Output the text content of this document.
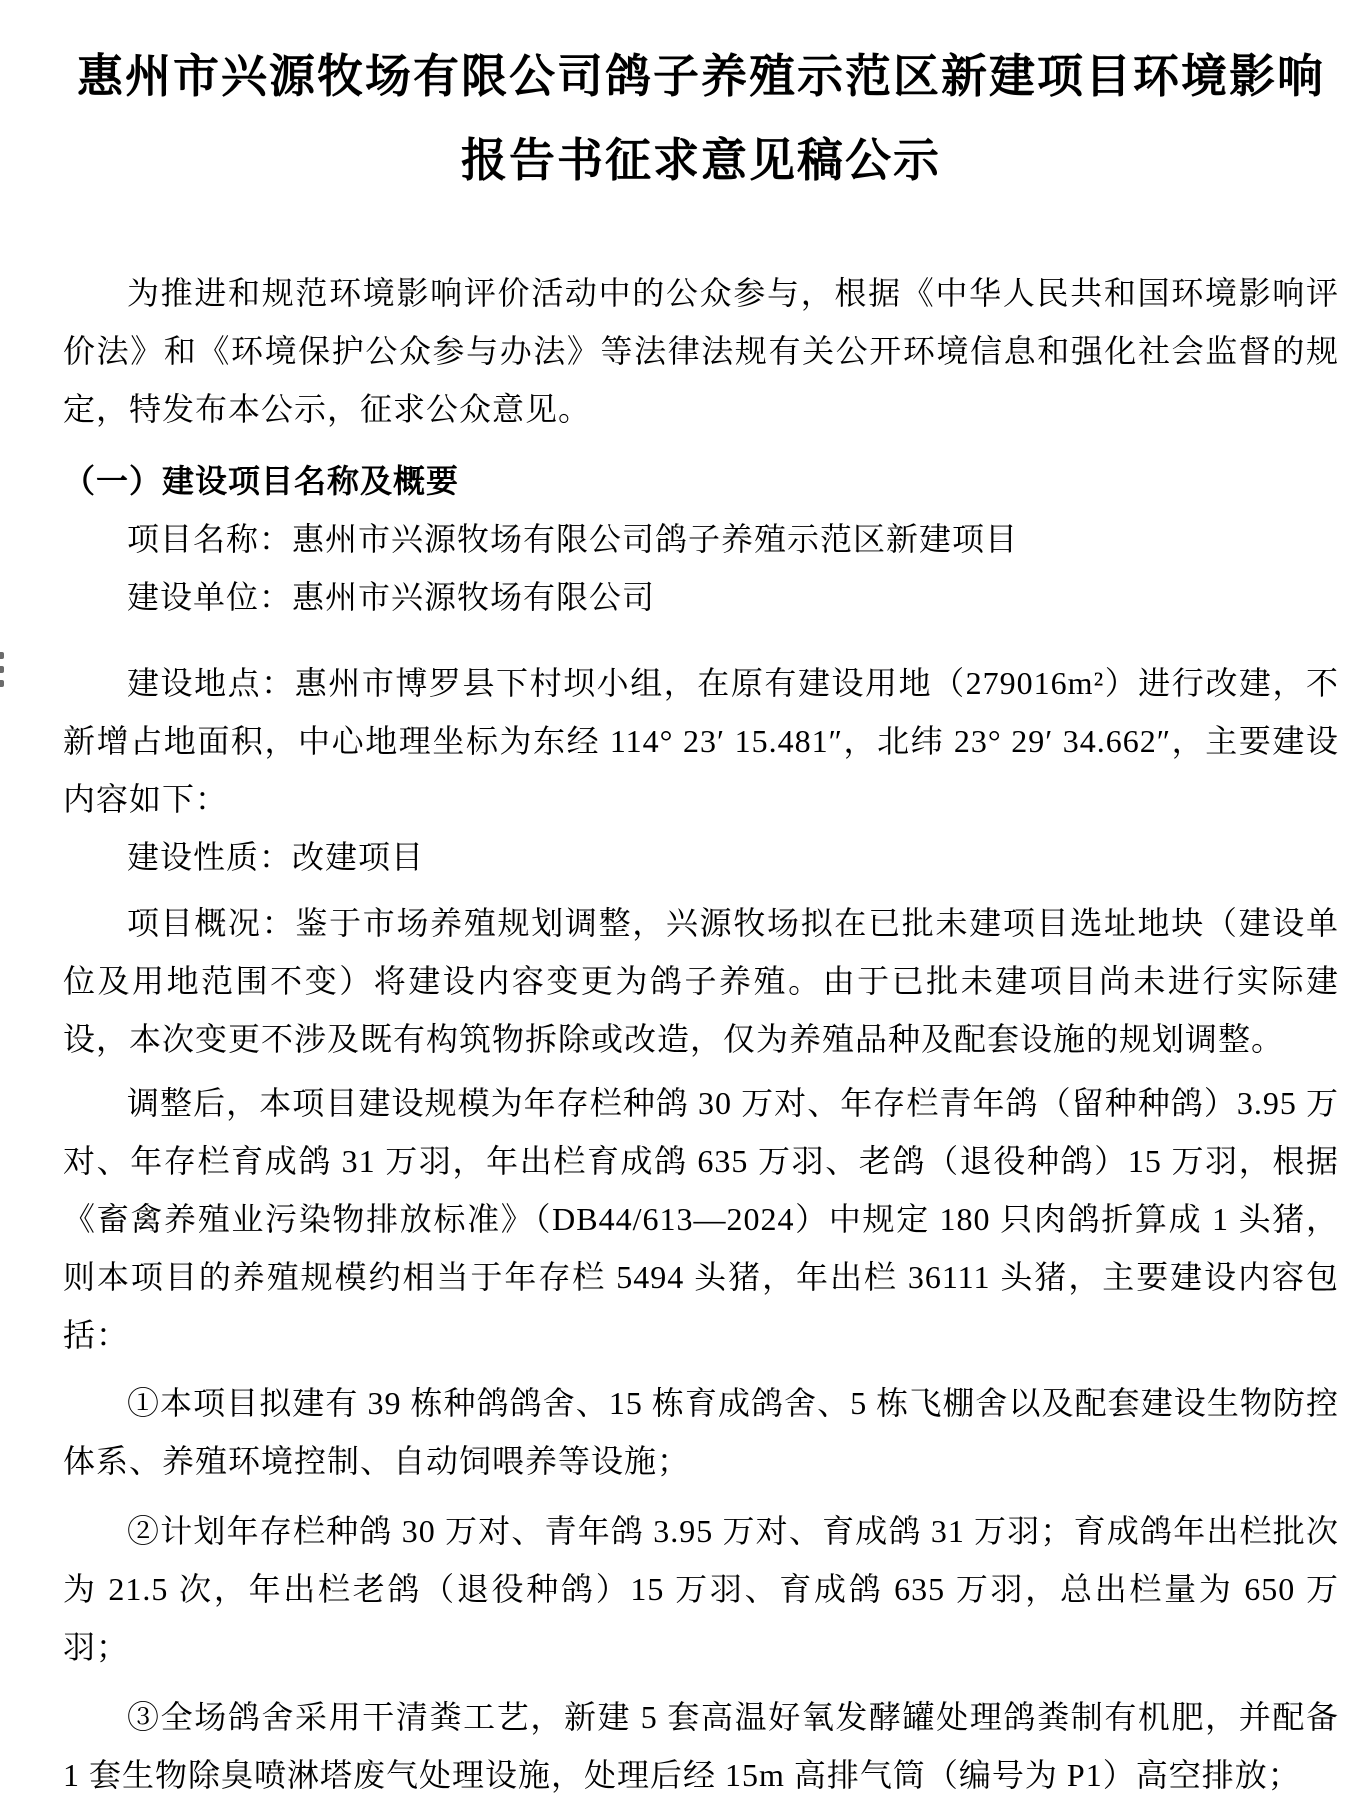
惠州市兴源牧场有限公司鸽子养殖示范区新建项目环境影响
报告书征求意见稿公示

为推进和规范环境影响评价活动中的公众参与，根据《中华人民共和国环境影响评价法》和《环境保护公众参与办法》等法律法规有关公开环境信息和强化社会监督的规定，特发布本公示，征求公众意见。

（一）建设项目名称及概要

项目名称：惠州市兴源牧场有限公司鸽子养殖示范区新建项目

建设单位：惠州市兴源牧场有限公司

建设地点：惠州市博罗县下村坝小组，在原有建设用地（279016m²）进行改建，不新增占地面积，中心地理坐标为东经 114° 23′ 15.481″，北纬 23° 29′ 34.662″，主要建设内容如下：

建设性质：改建项目

项目概况：鉴于市场养殖规划调整，兴源牧场拟在已批未建项目选址地块（建设单位及用地范围不变）将建设内容变更为鸽子养殖。由于已批未建项目尚未进行实际建设，本次变更不涉及既有构筑物拆除或改造，仅为养殖品种及配套设施的规划调整。

调整后，本项目建设规模为年存栏种鸽 30 万对、年存栏青年鸽（留种种鸽）3.95 万对、年存栏育成鸽 31 万羽，年出栏育成鸽 635 万羽、老鸽（退役种鸽）15 万羽，根据《畜禽养殖业污染物排放标准》（DB44/613—2024）中规定 180 只肉鸽折算成 1 头猪，则本项目的养殖规模约相当于年存栏 5494 头猪，年出栏 36111 头猪，主要建设内容包括：

①本项目拟建有 39 栋种鸽鸽舍、15 栋育成鸽舍、5 栋飞棚舍以及配套建设生物防控体系、养殖环境控制、自动饲喂养等设施；

②计划年存栏种鸽 30 万对、青年鸽 3.95 万对、育成鸽 31 万羽；育成鸽年出栏批次为 21.5 次，年出栏老鸽（退役种鸽）15 万羽、育成鸽 635 万羽，总出栏量为 650 万羽；

③全场鸽舍采用干清粪工艺，新建 5 套高温好氧发酵罐处理鸽粪制有机肥，并配备 1 套生物除臭喷淋塔废气处理设施，处理后经 15m 高排气筒（编号为 P1）高空排放；
